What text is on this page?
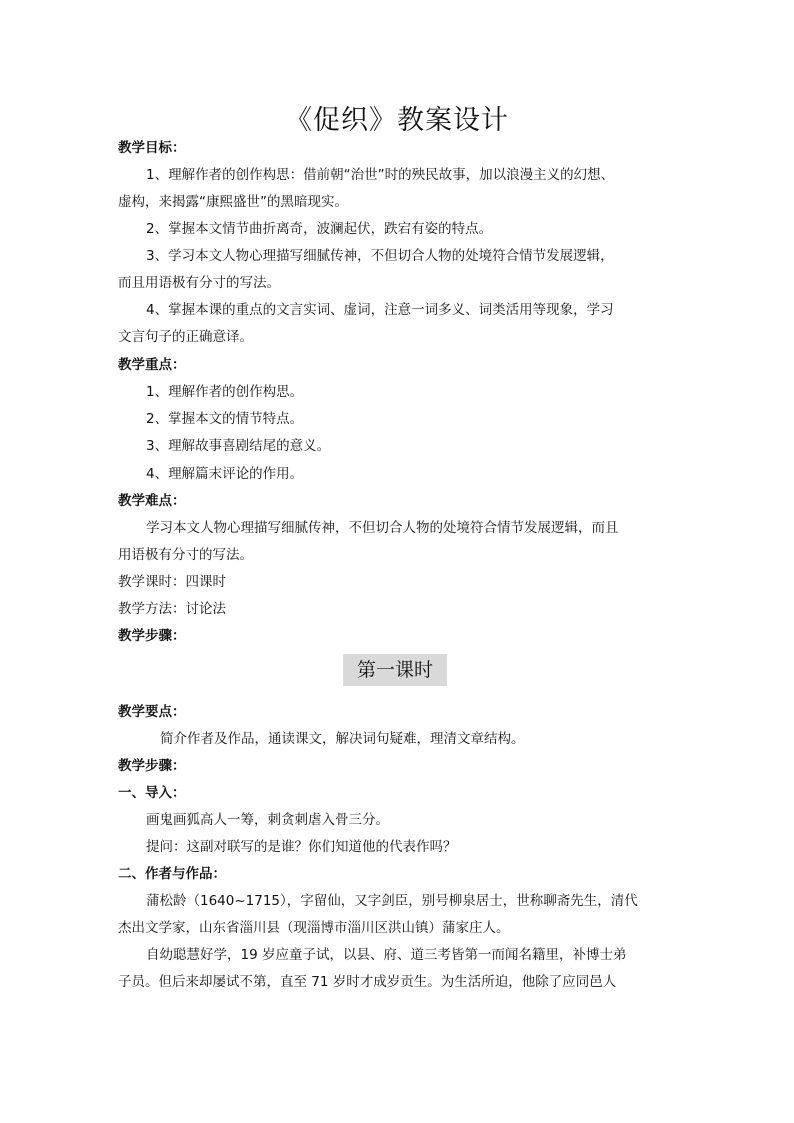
《促织》教案设计
教学目标：
1、理解作者的创作构思：借前朝“治世”时的殃民故事，加以浪漫主义的幻想、
虚构，来揭露“康熙盛世”的黑暗现实。
2、掌握本文情节曲折离奇，波澜起伏，跌宕有姿的特点。
3、学习本文人物心理描写细腻传神，不但切合人物的处境符合情节发展逻辑，
而且用语极有分寸的写法。
4、掌握本课的重点的文言实词、虚词，注意一词多义、词类活用等现象，学习
文言句子的正确意译。
教学重点：
1、理解作者的创作构思。
2、掌握本文的情节特点。
3、理解故事喜剧结尾的意义。
4、理解篇末评论的作用。
教学难点：
学习本文人物心理描写细腻传神，不但切合人物的处境符合情节发展逻辑，而且
用语极有分寸的写法。
教学课时：四课时
教学方法：讨论法
教学步骤：
第一课时
教学要点：
简介作者及作品，通读课文，解决词句疑难，理清文章结构。
教学步骤：
一、导入：
画鬼画狐高人一筹，刺贪刺虐入骨三分。
提问：这副对联写的是谁？你们知道他的代表作吗？
二、作者与作品：
蒲松龄（1640~1715），字留仙，又字剑臣，别号柳泉居士，世称聊斋先生，清代
杰出文学家，山东省淄川县（现淄博市淄川区洪山镇）蒲家庄人。
自幼聪慧好学，19 岁应童子试，以县、府、道三考皆第一而闻名籍里，补博士弟
子员。但后来却屡试不第，直至 71 岁时才成岁贡生。为生活所迫，他除了应同邑人
